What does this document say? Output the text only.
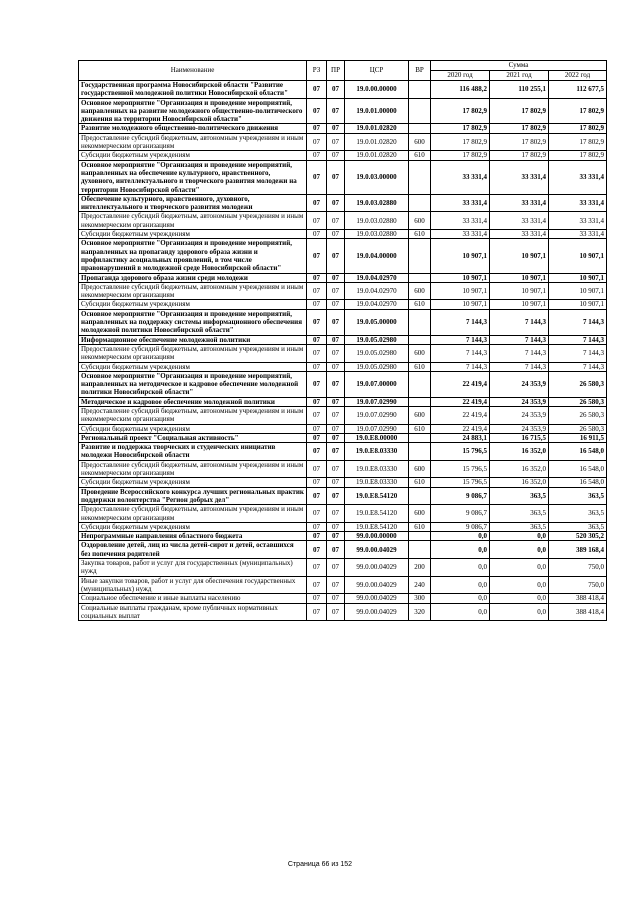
Наименование	РЗ	ПР	ЦСР	ВР	Сумма		
					2020 год	2021 год	2022 год
Государственная программа Новосибирской области "Развитие государственной молодежной политики Новосибирской области"	07	07	19.0.00.00000		116 488,2	110 255,1	112 677,5
Основное мероприятие "Организация и проведение мероприятий, направленных на развитие молодежного общественно-политического движения на территории Новосибирской области"	07	07	19.0.01.00000		17 802,9	17 802,9	17 802,9
Развитие молодежного общественно-политического движения	07	07	19.0.01.02820		17 802,9	17 802,9	17 802,9
Предоставление субсидий бюджетным, автономным учреждениям и иным некоммерческим организациям	07	07	19.0.01.02820	600	17 802,9	17 802,9	17 802,9
Субсидии бюджетным учреждениям	07	07	19.0.01.02820	610	17 802,9	17 802,9	17 802,9
Основное мероприятие "Организация и проведение мероприятий, направленных на обеспечение культурного, нравственного, духовного, интеллектуального и творческого развития молодежи на территории Новосибирской области"	07	07	19.0.03.00000		33 331,4	33 331,4	33 331,4
Обеспечение культурного, нравственного, духовного, интеллектуального и творческого развития молодежи	07	07	19.0.03.02880		33 331,4	33 331,4	33 331,4
Предоставление субсидий бюджетным, автономным учреждениям и иным некоммерческим организациям	07	07	19.0.03.02880	600	33 331,4	33 331,4	33 331,4
Субсидии бюджетным учреждениям	07	07	19.0.03.02880	610	33 331,4	33 331,4	33 331,4
Основное мероприятие "Организация и проведение мероприятий, направленных на пропаганду здорового образа жизни и профилактику асоциальных проявлений, в том числе правонарушений в молодежной среде Новосибирской области"	07	07	19.0.04.00000		10 907,1	10 907,1	10 907,1
Пропаганда здорового образа жизни среди молодежи	07	07	19.0.04.02970		10 907,1	10 907,1	10 907,1
Предоставление субсидий бюджетным, автономным учреждениям и иным некоммерческим организациям	07	07	19.0.04.02970	600	10 907,1	10 907,1	10 907,1
Субсидии бюджетным учреждениям	07	07	19.0.04.02970	610	10 907,1	10 907,1	10 907,1
Основное мероприятие "Организация и проведение мероприятий, направленных на поддержку системы информационного обеспечения молодежной политики Новосибирской области"	07	07	19.0.05.00000		7 144,3	7 144,3	7 144,3
Информационное обеспечение молодежной политики	07	07	19.0.05.02980		7 144,3	7 144,3	7 144,3
Предоставление субсидий бюджетным, автономным учреждениям и иным некоммерческим организациям	07	07	19.0.05.02980	600	7 144,3	7 144,3	7 144,3
Субсидии бюджетным учреждениям	07	07	19.0.05.02980	610	7 144,3	7 144,3	7 144,3
Основное мероприятие "Организация и проведение мероприятий, направленных на методическое и кадровое обеспечение молодежной политики Новосибирской области"	07	07	19.0.07.00000		22 419,4	24 353,9	26 580,3
Методическое и кадровое обеспечение молодежной политики	07	07	19.0.07.02990		22 419,4	24 353,9	26 580,3
Предоставление субсидий бюджетным, автономным учреждениям и иным некоммерческим организациям	07	07	19.0.07.02990	600	22 419,4	24 353,9	26 580,3
Субсидии бюджетным учреждениям	07	07	19.0.07.02990	610	22 419,4	24 353,9	26 580,3
Региональный проект "Социальная активность"	07	07	19.0.E8.00000		24 883,1	16 715,5	16 911,5
Развитие и поддержка творческих и студенческих инициатив молодежи Новосибирской области	07	07	19.0.E8.03330		15 796,5	16 352,0	16 548,0
Предоставление субсидий бюджетным, автономным учреждениям и иным некоммерческим организациям	07	07	19.0.E8.03330	600	15 796,5	16 352,0	16 548,0
Субсидии бюджетным учреждениям	07	07	19.0.E8.03330	610	15 796,5	16 352,0	16 548,0
Проведение Всероссийского конкурса лучших региональных практик поддержки волонтерства "Регион добрых дел"	07	07	19.0.E8.54120		9 086,7	363,5	363,5
Предоставление субсидий бюджетным, автономным учреждениям и иным некоммерческим организациям	07	07	19.0.E8.54120	600	9 086,7	363,5	363,5
Субсидии бюджетным учреждениям	07	07	19.0.E8.54120	610	9 086,7	363,5	363,5
Непрограммные направления областного бюджета	07	07	99.0.00.00000		0,0	0,0	520 305,2
Оздоровление детей, лиц из числа детей-сирот и детей, оставшихся без попечения родителей	07	07	99.0.00.04029		0,0	0,0	389 168,4
Закупка товаров, работ и услуг для государственных (муниципальных) нужд	07	07	99.0.00.04029	200	0,0	0,0	750,0
Иные закупки товаров, работ и услуг для обеспечения государственных (муниципальных) нужд	07	07	99.0.00.04029	240	0,0	0,0	750,0
Социальное обеспечение и иные выплаты населению	07	07	99.0.00.04029	300	0,0	0,0	388 418,4
Социальные выплаты гражданам, кроме публичных нормативных социальных выплат	07	07	99.0.00.04029	320	0,0	0,0	388 418,4
Страница 66 из 152
